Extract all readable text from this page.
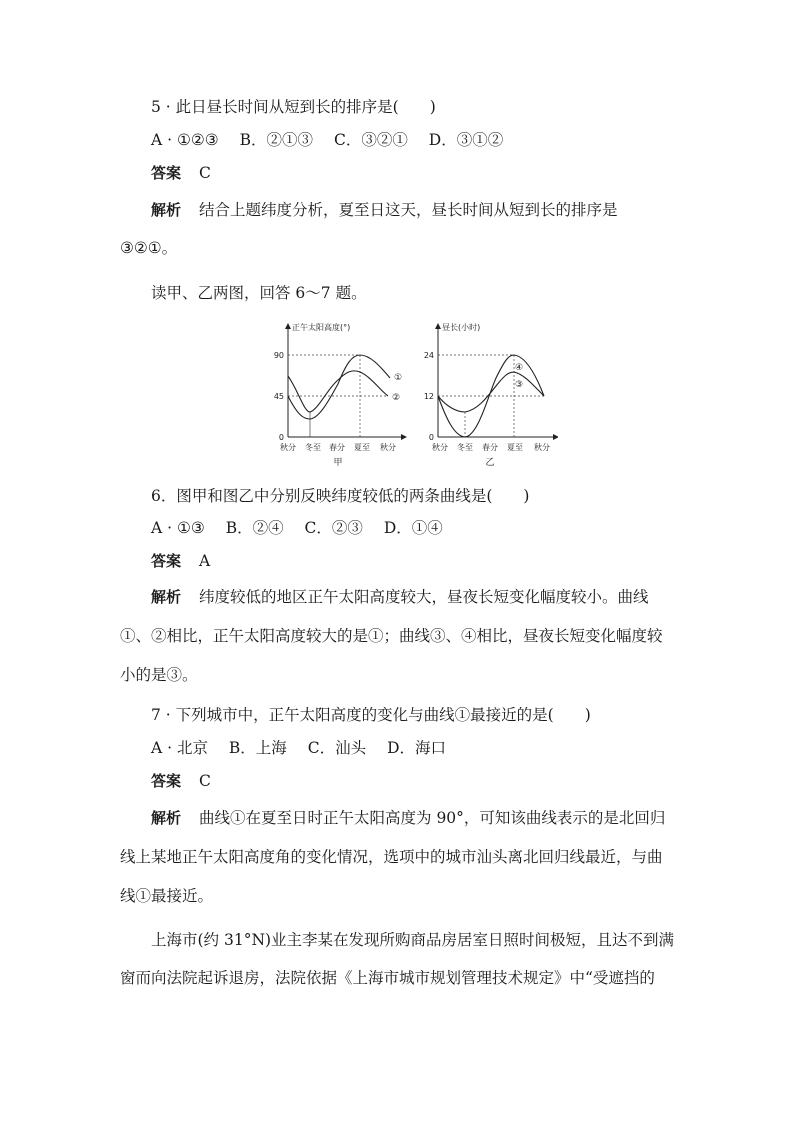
5 · 此日昼长时间从短到长的排序是(　　)
A · ①②③ B．②①③ C．③②① D．③①②
答案 C
解析 结合上题纬度分析，夏至日这天，昼长时间从短到长的排序是
③②①。
读甲、乙两图，回答 6～7 题。
正午太阳高度(°)
90
45
0
①
②
秋分 冬至 春分 夏至 秋分
甲
昼长(小时)
24
12
0
④
③
秋分 冬至 春分 夏至 秋分
乙
6．图甲和图乙中分别反映纬度较低的两条曲线是(　　)
A · ①③ B．②④ C．②③ D．①④
答案 A
解析 纬度较低的地区正午太阳高度较大，昼夜长短变化幅度较小。曲线
①、②相比，正午太阳高度较大的是①；曲线③、④相比，昼夜长短变化幅度较
小的是③。
7 · 下列城市中，正午太阳高度的变化与曲线①最接近的是(　　)
A · 北京 B．上海 C．汕头 D．海口
答案 C
解析 曲线①在夏至日时正午太阳高度为 90°，可知该曲线表示的是北回归
线上某地正午太阳高度角的变化情况，选项中的城市汕头离北回归线最近，与曲
线①最接近。
上海市(约 31°N)业主李某在发现所购商品房居室日照时间极短，且达不到满
窗而向法院起诉退房，法院依据《上海市城市规划管理技术规定》中“受遮挡的
